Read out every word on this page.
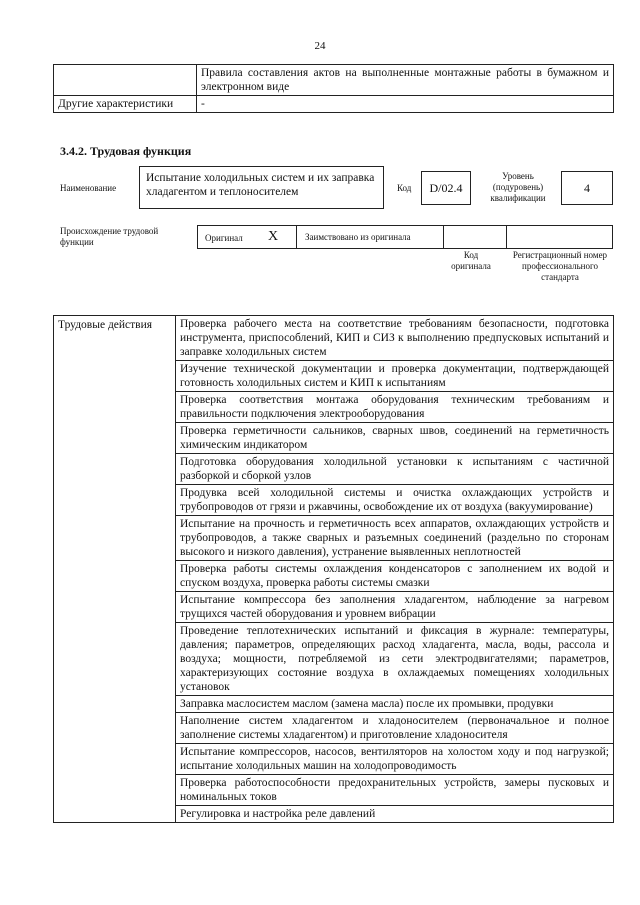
24
	Правила составления актов на выполненные монтажные работы в бумажном и электронном виде
Другие характеристики	-
3.4.2. Трудовая функция
Наименование
Испытание холодильных систем и их заправка хладагентом и теплоносителем	Код	D/02.4
Уровень (подуровень) квалификации
4
Происхождение трудовой функции	Оригинал X	Заимствовано из оригинала
Код оригинала
Регистрационный номер профессионального стандарта
Трудовые действия	Проверка рабочего места на соответствие требованиям безопасности, подготовка инструмента, приспособлений, КИП и СИЗ к выполнению предпусковых испытаний и заправке холодильных систем
Изучение технической документации и проверка документации, подтверждающей готовность холодильных систем и КИП к испытаниям
Проверка соответствия монтажа оборудования техническим требованиям и правильности подключения электрооборудования
Проверка герметичности сальников, сварных швов, соединений на герметичность химическим индикатором
Подготовка оборудования холодильной установки к испытаниям с частичной разборкой и сборкой узлов
Продувка всей холодильной системы и очистка охлаждающих устройств и трубопроводов от грязи и ржавчины, освобождение их от воздуха (вакуумирование)
Испытание на прочность и герметичность всех аппаратов, охлаждающих устройств и трубопроводов, а также сварных и разъемных соединений (раздельно по сторонам высокого и низкого давления), устранение выявленных неплотностей
Проверка работы системы охлаждения конденсаторов с заполнением их водой и спуском воздуха, проверка работы системы смазки
Испытание компрессора без заполнения хладагентом, наблюдение за нагревом трущихся частей оборудования и уровнем вибрации
Проведение теплотехнических испытаний и фиксация в журнале: температуры, давления; параметров, определяющих расход хладагента, масла, воды, рассола и воздуха; мощности, потребляемой из сети электродвигателями; параметров, характеризующих состояние воздуха в охлаждаемых помещениях холодильных установок
Заправка маслосистем маслом (замена масла) после их промывки, продувки
Наполнение систем хладагентом и хладоносителем (первоначальное и полное заполнение системы хладагентом) и приготовление хладоносителя
Испытание компрессоров, насосов, вентиляторов на холостом ходу и под нагрузкой; испытание холодильных машин на холодопроводимость
Проверка работоспособности предохранительных устройств, замеры пусковых и номинальных токов
Регулировка и настройка реле давлений
